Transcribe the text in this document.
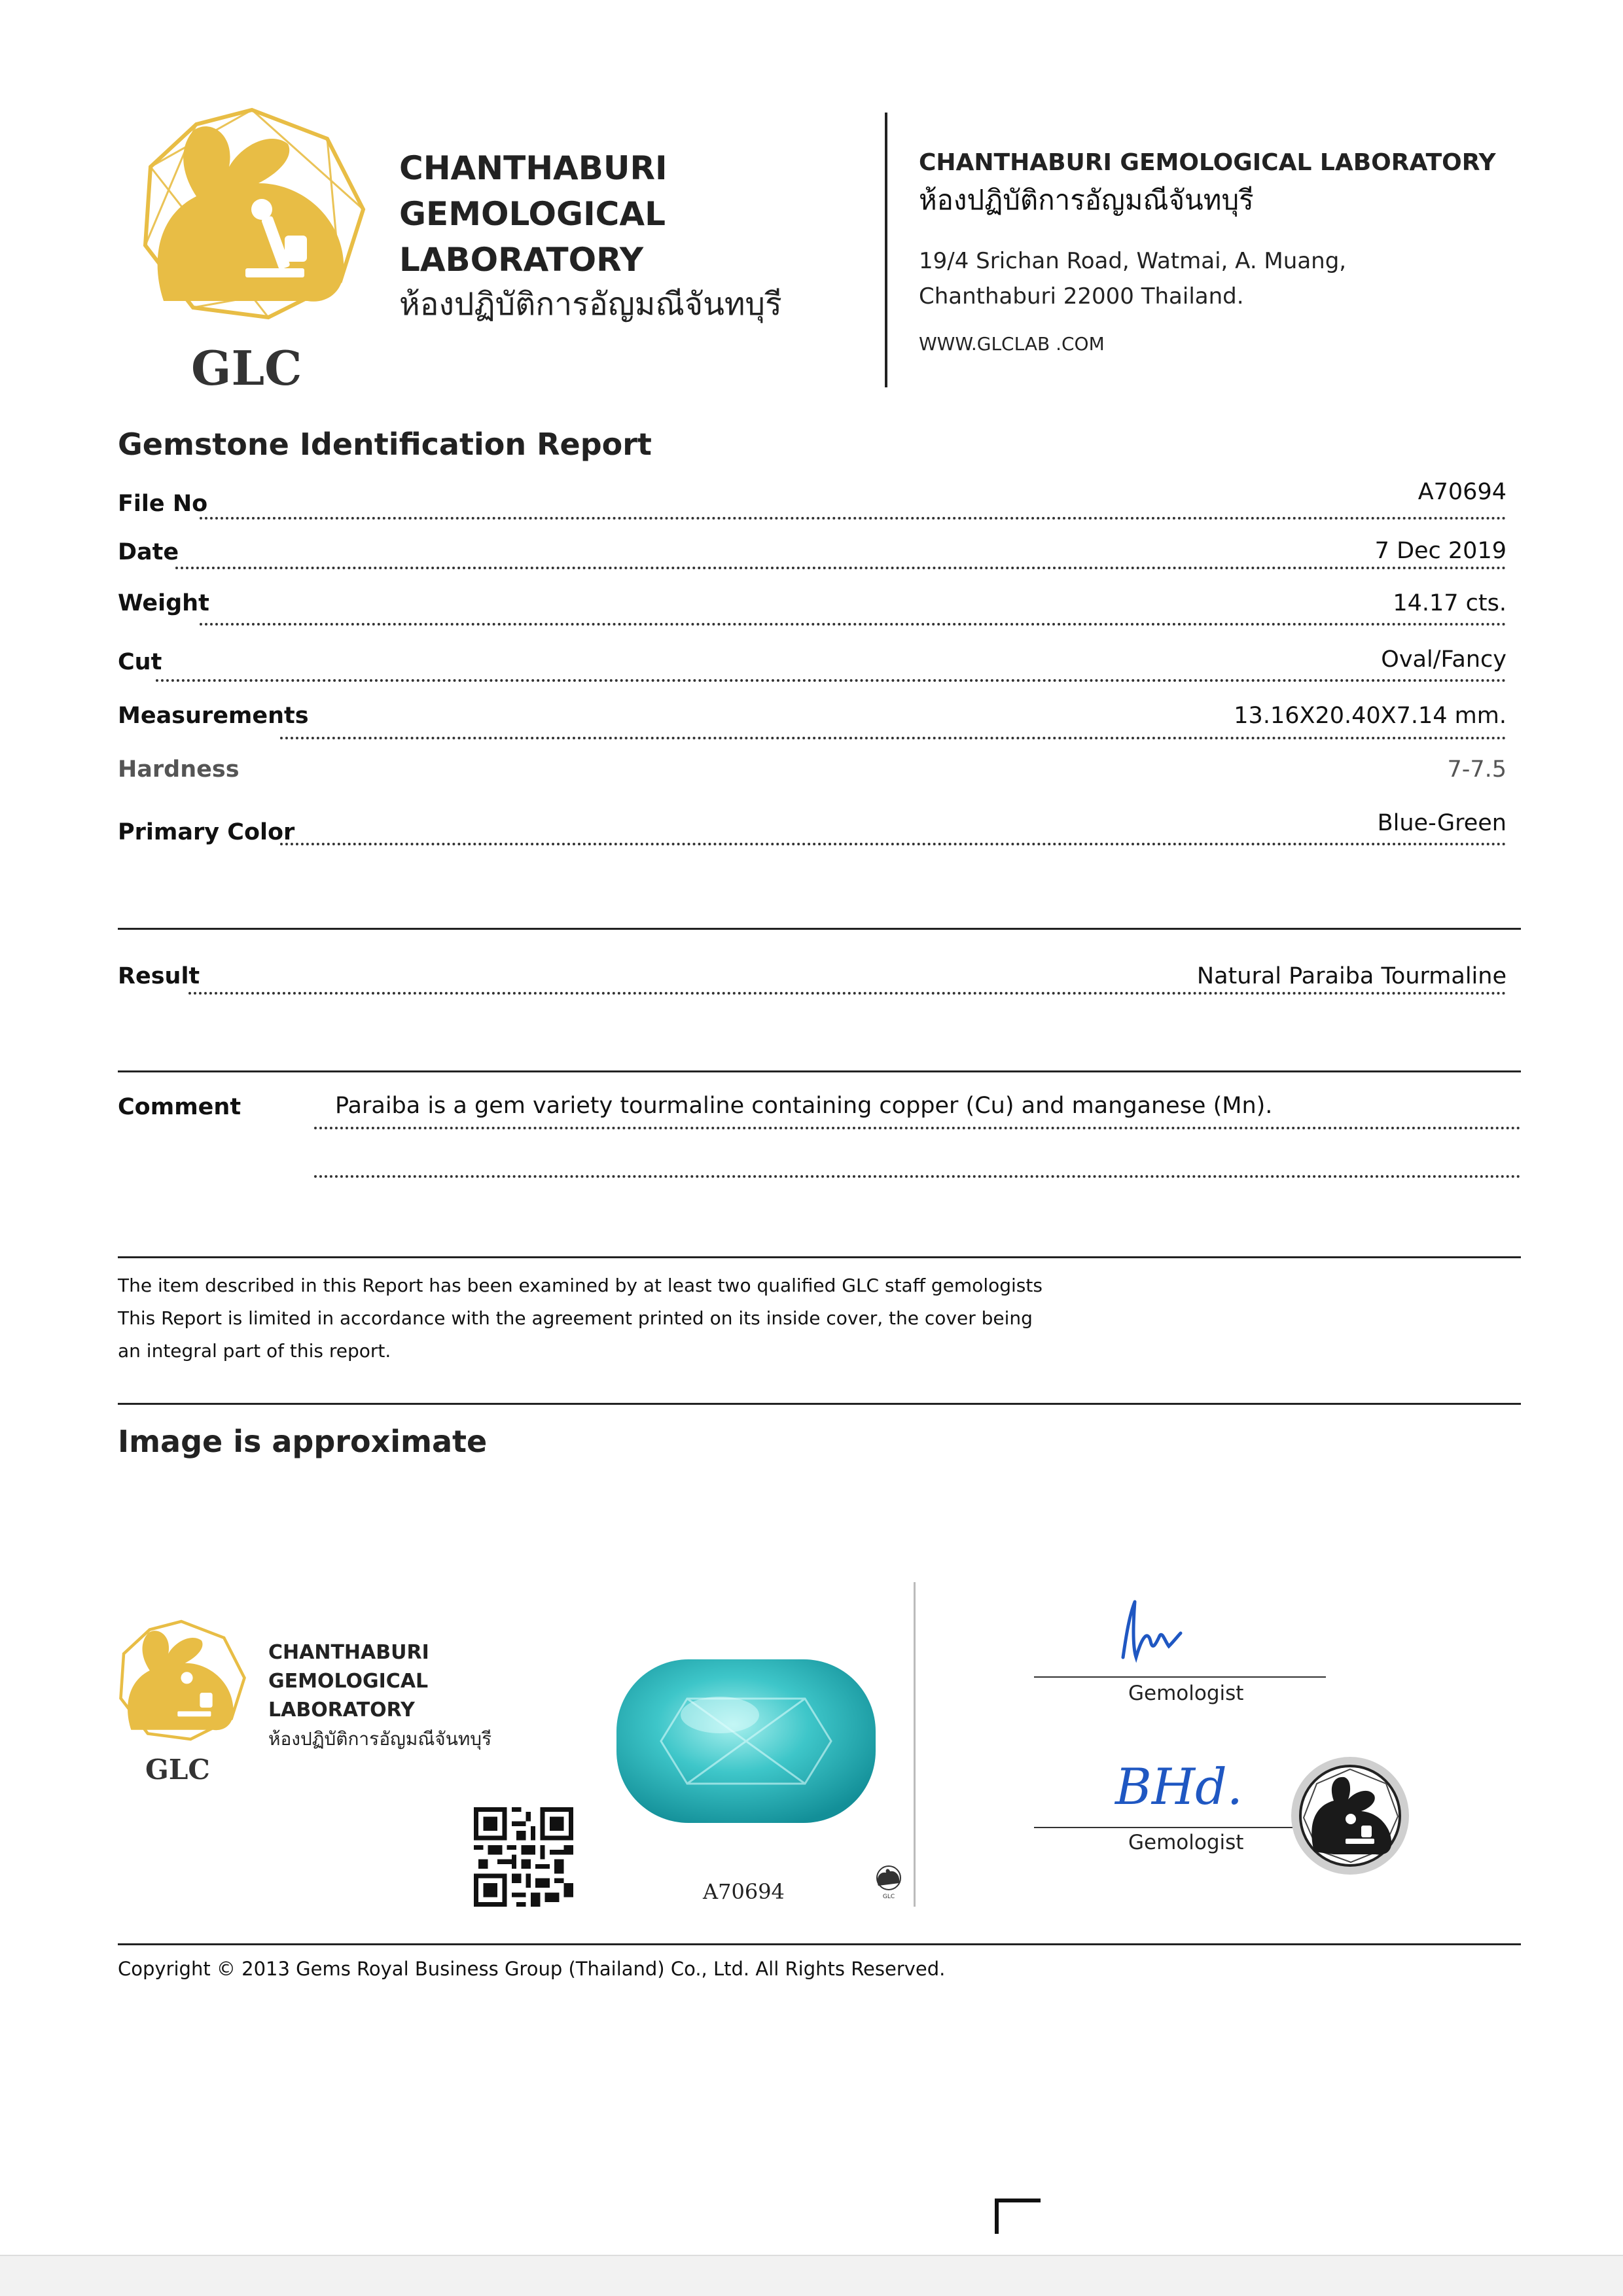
GLC
CHANTHABURI
GEMOLOGICAL
LABORATORY
ห้องปฏิบัติการอัญมณีจันทบุรี
CHANTHABURI GEMOLOGICAL LABORATORY
ห้องปฏิบัติการอัญมณีจันทบุรี
19/4 Srichan Road, Watmai, A. Muang,
Chanthaburi 22000 Thailand.
WWW.GLCLAB .COM
Gemstone Identification Report
File No	A70694
Date	7 Dec 2019
Weight	14.17 cts.
Cut	Oval/Fancy
Measurements	13.16X20.40X7.14 mm.
Hardness	7-7.5
Primary Color	Blue-Green
Result	Natural Paraiba Tourmaline
Comment	Paraiba is a gem variety tourmaline containing copper (Cu) and manganese (Mn).
The item described in this Report has been examined by at least two qualified GLC staff gemologists
This Report is limited in accordance with the agreement printed on its inside cover, the cover being
an integral part of this report.
Image is approximate
GLC
CHANTHABURI
GEMOLOGICAL
LABORATORY
ห้องปฏิบัติการอัญมณีจันทบุรี
A70694	GLC
Gemologist
BHd.
Gemologist
Copyright © 2013 Gems Royal Business Group (Thailand) Co., Ltd. All Rights Reserved.
